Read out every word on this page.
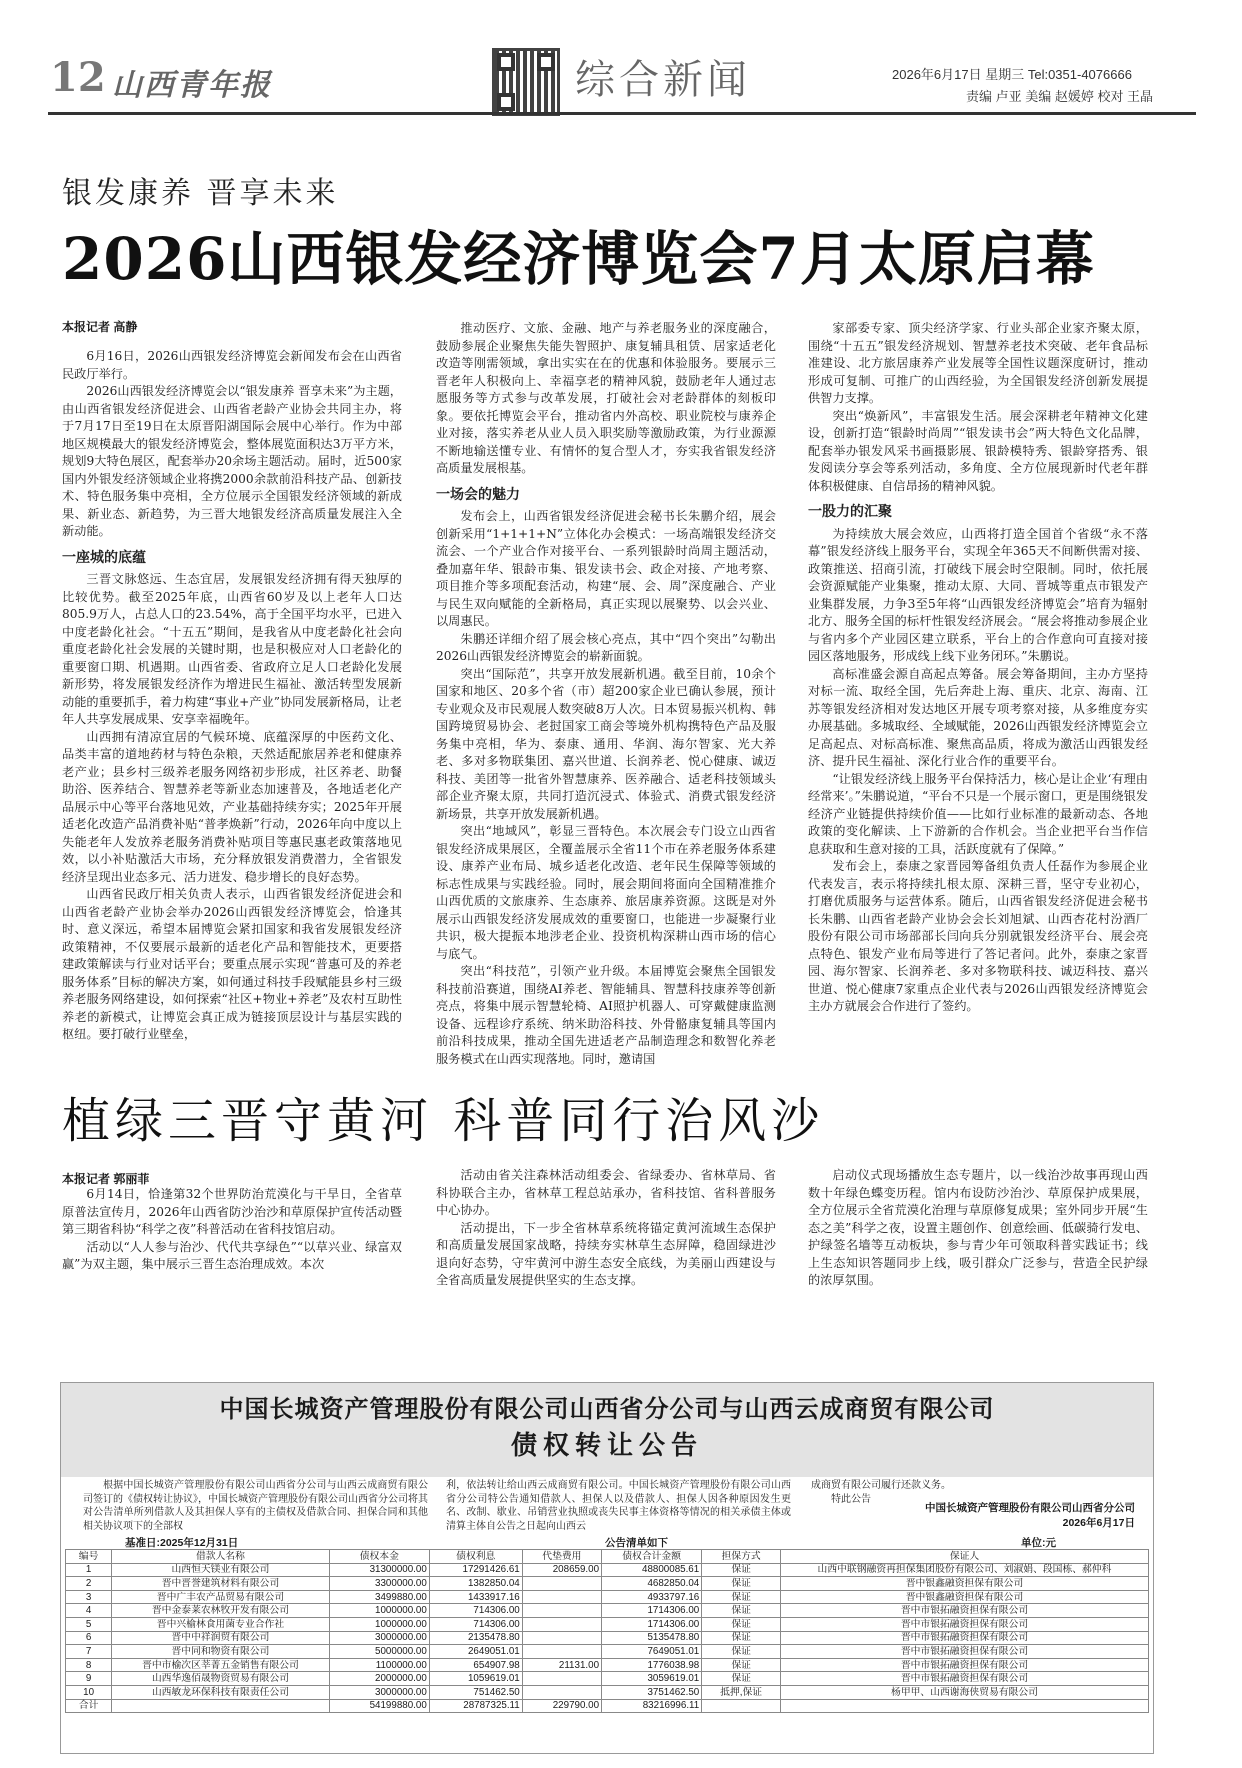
12 山西青年报	综合新闻	2026年6月17日 星期三 Tel:0351-4076666
责编 卢亚 美编 赵媛婷 校对 王晶
银发康养 晋享未来
2026山西银发经济博览会7月太原启幕
本报记者 高静

6月16日，2026山西银发经济博览会新闻发布会在山西省民政厅举行。

2026山西银发经济博览会以“银发康养 晋享未来”为主题，由山西省银发经济促进会、山西省老龄产业协会共同主办，将于7月17日至19日在太原晋阳湖国际会展中心举行。作为中部地区规模最大的银发经济博览会，整体展览面积达3万平方米，规划9大特色展区，配套举办20余场主题活动。届时，近500家国内外银发经济领域企业将携2000余款前沿科技产品、创新技术、特色服务集中亮相，全方位展示全国银发经济领域的新成果、新业态、新趋势，为三晋大地银发经济高质量发展注入全新动能。

一座城的底蕴

三晋文脉悠远、生态宜居，发展银发经济拥有得天独厚的比较优势。截至2025年底，山西省60岁及以上老年人口达805.9万人，占总人口的23.54%，高于全国平均水平，已进入中度老龄化社会。“十五五”期间，是我省从中度老龄化社会向重度老龄化社会发展的关键时期，也是积极应对人口老龄化的重要窗口期、机遇期。山西省委、省政府立足人口老龄化发展新形势，将发展银发经济作为增进民生福祉、激活转型发展新动能的重要抓手，着力构建“事业+产业”协同发展新格局，让老年人共享发展成果、安享幸福晚年。

山西拥有清凉宜居的气候环境、底蕴深厚的中医药文化、品类丰富的道地药材与特色杂粮，天然适配旅居养老和健康养老产业；县乡村三级养老服务网络初步形成，社区养老、助餐助浴、医养结合、智慧养老等新业态加速普及，各地适老化产品展示中心等平台落地见效，产业基础持续夯实；2025年开展适老化改造产品消费补贴“普孝焕新”行动，2026年向中度以上失能老年人发放养老服务消费补贴项目等惠民惠老政策落地见效，以小补贴激活大市场，充分释放银发消费潜力，全省银发经济呈现出业态多元、活力迸发、稳步增长的良好态势。

山西省民政厅相关负责人表示，山西省银发经济促进会和山西省老龄产业协会举办2026山西银发经济博览会，恰逢其时、意义深远，希望本届博览会紧扣国家和我省发展银发经济政策精神，不仅要展示最新的适老化产品和智能技术，更要搭建政策解读与行业对话平台；要重点展示实现“普惠可及的养老服务体系”目标的解决方案，如何通过科技手段赋能县乡村三级养老服务网络建设，如何探索“社区+物业+养老”及农村互助性养老的新模式，让博览会真正成为链接顶层设计与基层实践的枢纽。要打破行业壁垒，

推动医疗、文旅、金融、地产与养老服务业的深度融合，鼓励参展企业聚焦失能失智照护、康复辅具租赁、居家适老化改造等刚需领域，拿出实实在在的优惠和体验服务。要展示三晋老年人积极向上、幸福享老的精神风貌，鼓励老年人通过志愿服务等方式参与改革发展，打破社会对老龄群体的刻板印象。要依托博览会平台，推动省内外高校、职业院校与康养企业对接，落实养老从业人员入职奖励等激励政策，为行业源源不断地输送懂专业、有情怀的复合型人才，夯实我省银发经济高质量发展根基。

一场会的魅力

发布会上，山西省银发经济促进会秘书长朱鹏介绍，展会创新采用“1+1+1+N”立体化办会模式：一场高端银发经济交流会、一个产业合作对接平台、一系列银龄时尚周主题活动，叠加嘉年华、银龄市集、银发读书会、政企对接、产地考察、项目推介等多项配套活动，构建“展、会、周”深度融合、产业与民生双向赋能的全新格局，真正实现以展聚势、以会兴业、以周惠民。

朱鹏还详细介绍了展会核心亮点，其中“四个突出”勾勒出2026山西银发经济博览会的崭新面貌。

突出“国际范”，共享开放发展新机遇。截至目前，10余个国家和地区、20多个省（市）超200家企业已确认参展，预计专业观众及市民观展人数突破8万人次。日本贸易振兴机构、韩国跨境贸易协会、老挝国家工商会等境外机构携特色产品及服务集中亮相，华为、泰康、通用、华润、海尔智家、光大养老、多对多物联集团、嘉兴世道、长润养老、悦心健康、诚迈科技、美团等一批省外智慧康养、医养融合、适老科技领域头部企业齐聚太原，共同打造沉浸式、体验式、消费式银发经济新场景，共享开放发展新机遇。

突出“地域风”，彰显三晋特色。本次展会专门设立山西省银发经济成果展区，全覆盖展示全省11个市在养老服务体系建设、康养产业布局、城乡适老化改造、老年民生保障等领域的标志性成果与实践经验。同时，展会期间将面向全国精准推介山西优质的文旅康养、生态康养、旅居康养资源。这既是对外展示山西银发经济发展成效的重要窗口，也能进一步凝聚行业共识，极大提振本地涉老企业、投资机构深耕山西市场的信心与底气。

突出“科技范”，引领产业升级。本届博览会聚焦全国银发科技前沿赛道，围绕AI养老、智能辅具、智慧科技康养等创新亮点，将集中展示智慧轮椅、AI照护机器人、可穿戴健康监测设备、远程诊疗系统、纳米助浴科技、外骨骼康复辅具等国内前沿科技成果，推动全国先进适老产品制造理念和数智化养老服务模式在山西实现落地。同时，邀请国

家部委专家、顶尖经济学家、行业头部企业家齐聚太原，围绕“十五五”银发经济规划、智慧养老技术突破、老年食品标准建设、北方旅居康养产业发展等全国性议题深度研讨，推动形成可复制、可推广的山西经验，为全国银发经济创新发展提供智力支撑。

突出“焕新风”，丰富银发生活。展会深耕老年精神文化建设，创新打造“银龄时尚周”“银发读书会”两大特色文化品牌，配套举办银发风采书画摄影展、银龄模特秀、银龄穿搭秀、银发阅读分享会等系列活动，多角度、全方位展现新时代老年群体积极健康、自信昂扬的精神风貌。

一股力的汇聚

为持续放大展会效应，山西将打造全国首个省级“永不落幕”银发经济线上服务平台，实现全年365天不间断供需对接、政策推送、招商引流，打破线下展会时空限制。同时，依托展会资源赋能产业集聚，推动太原、大同、晋城等重点市银发产业集群发展，力争3至5年将“山西银发经济博览会”培育为辐射北方、服务全国的标杆性银发经济展会。“展会将推动参展企业与省内多个产业园区建立联系，平台上的合作意向可直接对接园区落地服务，形成线上线下业务闭环。”朱鹏说。

高标准盛会源自高起点筹备。展会筹备期间，主办方坚持对标一流、取经全国，先后奔赴上海、重庆、北京、海南、江苏等银发经济相对发达地区开展专项考察对接，从多维度夯实办展基础。多城取经、全域赋能，2026山西银发经济博览会立足高起点、对标高标准、聚焦高品质，将成为激活山西银发经济、提升民生福祉、深化行业合作的重要平台。

“让银发经济线上服务平台保持活力，核心是让企业‘有理由经常来’。”朱鹏说道，“平台不只是一个展示窗口，更是围绕银发经济产业链提供持续价值——比如行业标准的最新动态、各地政策的变化解读、上下游新的合作机会。当企业把平台当作信息获取和生意对接的工具，活跃度就有了保障。”

发布会上，泰康之家晋园筹备组负责人任磊作为参展企业代表发言，表示将持续扎根太原、深耕三晋，坚守专业初心，打磨优质服务与运营体系。随后，山西省银发经济促进会秘书长朱鹏、山西省老龄产业协会会长刘旭斌、山西杏花村汾酒厂股份有限公司市场部部长闫向兵分别就银发经济平台、展会亮点特色、银发产业布局等进行了答记者问。此外，泰康之家晋园、海尔智家、长润养老、多对多物联科技、诚迈科技、嘉兴世道、悦心健康7家重点企业代表与2026山西银发经济博览会主办方就展会合作进行了签约。

植绿三晋守黄河 科普同行治风沙
本报记者 郭丽菲

6月14日，恰逢第32个世界防治荒漠化与干旱日，全省草原普法宣传月，2026年山西省防沙治沙和草原保护宣传活动暨第三期省科协“科学之夜”科普活动在省科技馆启动。

活动以“人人参与治沙、代代共享绿色”“以草兴业、绿富双赢”为双主题，集中展示三晋生态治理成效。本次

活动由省关注森林活动组委会、省绿委办、省林草局、省科协联合主办，省林草工程总站承办，省科技馆、省科普服务中心协办。

活动提出，下一步全省林草系统将锚定黄河流域生态保护和高质量发展国家战略，持续夯实林草生态屏障，稳固绿进沙退向好态势，守牢黄河中游生态安全底线，为美丽山西建设与全省高质量发展提供坚实的生态支撑。

启动仪式现场播放生态专题片，以一线治沙故事再现山西数十年绿色蝶变历程。馆内布设防沙治沙、草原保护成果展，全方位展示全省荒漠化治理与草原修复成果；室外同步开展“生态之美”科学之夜，设置主题创作、创意绘画、低碳骑行发电、护绿签名墙等互动板块，参与青少年可领取科普实践证书；线上生态知识答题同步上线，吸引群众广泛参与，营造全民护绿的浓厚氛围。

中国长城资产管理股份有限公司山西省分公司与山西云成商贸有限公司
债权转让公告

根据中国长城资产管理股份有限公司山西省分公司与山西云成商贸有限公司签订的《债权转让协议》，中国长城资产管理股份有限公司山西省分公司将其对公告清单所列借款人及其担保人享有的主债权及借款合同、担保合同和其他相关协议项下的全部权

利，依法转让给山西云成商贸有限公司。中国长城资产管理股份有限公司山西省分公司特公告通知借款人、担保人以及借款人、担保人因各种原因发生更名、改制、歇业、吊销营业执照或丧失民事主体资格等情况的相关承债主体或清算主体自公告之日起向山西云

成商贸有限公司履行还款义务。

特此公告

中国长城资产管理股份有限公司山西省分公司
2026年6月17日
基准日:2025年12月31日	公告清单如下	单位:元
编号	借款人名称	债权本金	债权利息	代垫费用	债权合计金额	担保方式	保证人
1	山西恒天镁业有限公司	31300000.00	17291426.61	208659.00	48800085.61	保证	山西中联钢融资再担保集团股份有限公司、刘淑娟、段国栋、郝仲科
2	晋中晋誉建筑材料有限公司	3300000.00	1382850.04		4682850.04	保证	晋中银鑫融资担保有限公司
3	晋中广丰农产品贸易有限公司	3499880.00	1433917.16		4933797.16	保证	晋中银鑫融资担保有限公司
4	晋中金泰莱农林牧开发有限公司	1000000.00	714306.00		1714306.00	保证	晋中市银拓融资担保有限公司
5	晋中兴榆林食用菌专业合作社	1000000.00	714306.00		1714306.00	保证	晋中市银拓融资担保有限公司
6	晋中中祥润贸有限公司	3000000.00	2135478.80		5135478.80	保证	晋中市银拓融资担保有限公司
7	晋中同和物资有限公司	5000000.00	2649051.01		7649051.01	保证	晋中市银拓融资担保有限公司
8	晋中市榆次区莘菁五金销售有限公司	1100000.00	654907.98	21131.00	1776038.98	保证	晋中市银拓融资担保有限公司
9	山西华逸佰晟物资贸易有限公司	2000000.00	1059619.01		3059619.01	保证	晋中市银拓融资担保有限公司
10	山西敏龙环保科技有限责任公司	3000000.00	751462.50		3751462.50	抵押,保证	杨甲甲、山西谢海侠贸易有限公司
合计		54199880.00	28787325.11	229790.00	83216996.11		
